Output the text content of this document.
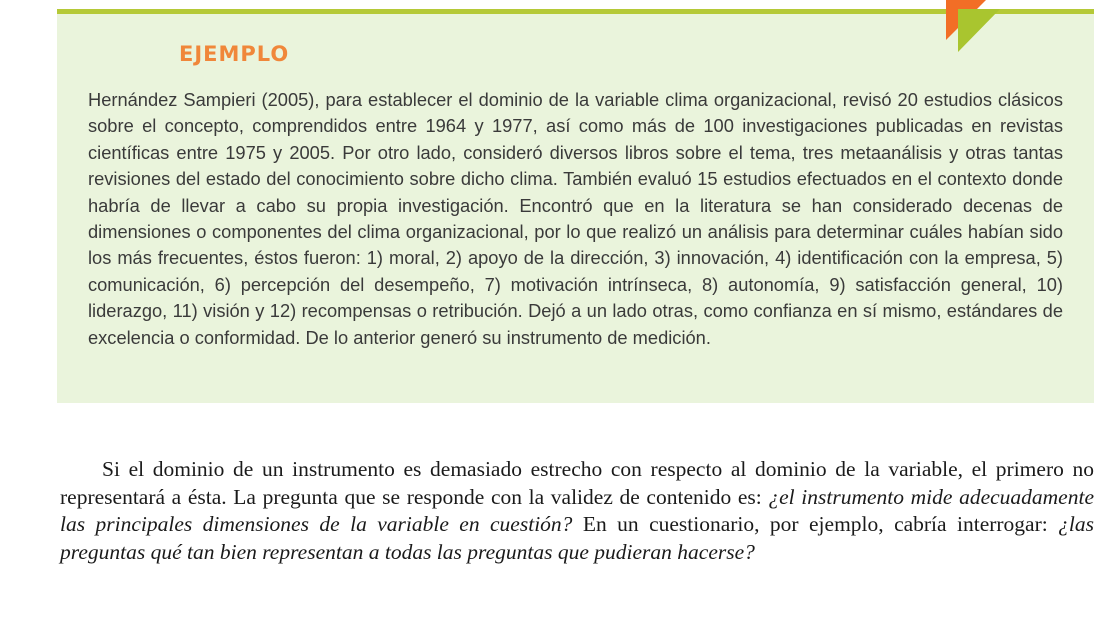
EJEMPLO

Hernández Sampieri (2005), para establecer el dominio de la variable clima organizacional, revisó 20 estudios clásicos sobre el concepto, comprendidos entre 1964 y 1977, así como más de 100 investigaciones publicadas en revistas científicas entre 1975 y 2005. Por otro lado, consideró diversos libros sobre el tema, tres metaanálisis y otras tantas revisiones del estado del conocimiento sobre dicho clima. También evaluó 15 estudios efectuados en el contexto donde habría de llevar a cabo su propia investigación. Encontró que en la literatura se han considerado decenas de dimensiones o componentes del clima organizacional, por lo que realizó un análisis para determinar cuáles habían sido los más frecuentes, éstos fueron: 1) moral, 2) apoyo de la dirección, 3) innovación, 4) identificación con la empresa, 5) comunicación, 6) percepción del desempeño, 7) motivación intrínseca, 8) autonomía, 9) satisfacción general, 10) liderazgo, 11) visión y 12) recompensas o retribución. Dejó a un lado otras, como confianza en sí mismo, estándares de excelencia o conformidad. De lo anterior generó su instrumento de medición.

Si el dominio de un instrumento es demasiado estrecho con respecto al dominio de la variable, el primero no representará a ésta. La pregunta que se responde con la validez de contenido es: ¿el instrumento mide adecuadamente las principales dimensiones de la variable en cuestión? En un cuestionario, por ejemplo, cabría interrogar: ¿las preguntas qué tan bien representan a todas las preguntas que pudieran hacerse?
